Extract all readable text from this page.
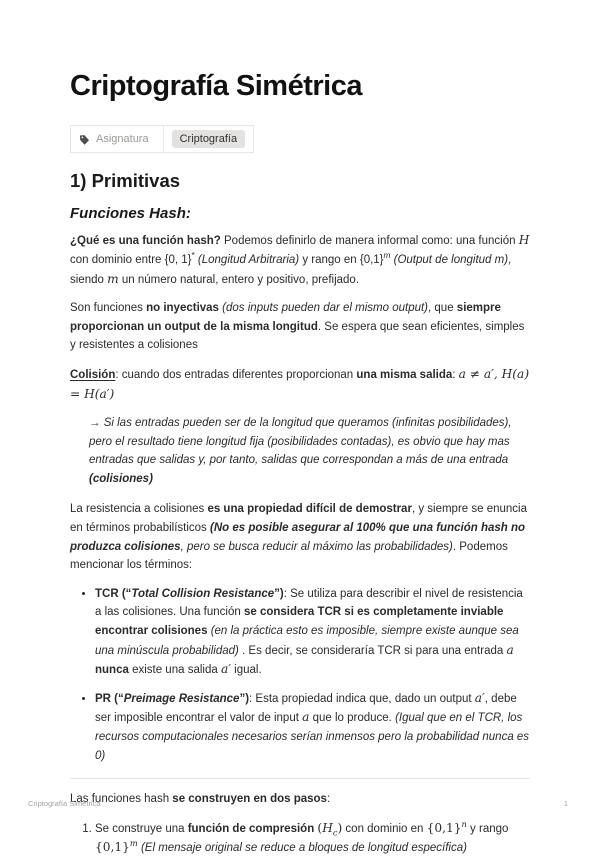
Criptografía Simétrica
Asignatura	Criptografía
1) Primitivas
Funciones Hash:

¿Qué es una función hash? Podemos definirlo de manera informal como: una función H con dominio entre {0, 1}* (Longitud Arbitraria) y rango en $\{0,1\}^m$ (Output de longitud m), siendo m un número natural, entero y positivo, prefijado.

Son funciones no inyectivas (dos inputs pueden dar el mismo output), que siempre proporcionan un output de la misma longitud. Se espera que sean eficientes, simples y resistentes a colisiones

Colisión: cuando dos entradas diferentes proporcionan una misma salida: a ≠ a′, H(a) = H(a′)

→ Si las entradas pueden ser de la longitud que queramos (infinitas posibilidades), pero el resultado tiene longitud fija (posibilidades contadas), es obvio que hay mas entradas que salidas y, por tanto, salidas que correspondan a más de una entrada (colisiones)

La resistencia a colisiones es una propiedad difícil de demostrar, y siempre se enuncia en términos probabilísticos (No es posible asegurar al 100% que una función hash no produzca colisiones, pero se busca reducir al máximo las probabilidades). Podemos mencionar los términos:

• TCR (“Total Collision Resistance”): Se utiliza para describir el nivel de resistencia a las colisiones. Una función se considera TCR si es completamente inviable encontrar colisiones (en la práctica esto es imposible, siempre existe aunque sea una minúscula probabilidad) . Es decir, se consideraría TCR si para una entrada a nunca existe una salida a′ igual.
• PR (“Preimage Resistance”): Esta propiedad indica que, dado un output a′, debe ser imposible encontrar el valor de input a que lo produce. (Igual que en el TCR, los recursos computacionales necesarios serían inmensos pero la probabilidad nunca es 0)

Las funciones hash se construyen en dos pasos:

1. Se construye una función de compresión $(H_c)$ con dominio en $\{0,1\}^n$ y rango $\{0,1\}^m$ (El mensaje original se reduce a bloques de longitud específica)
Criptografía Simétrica	1
